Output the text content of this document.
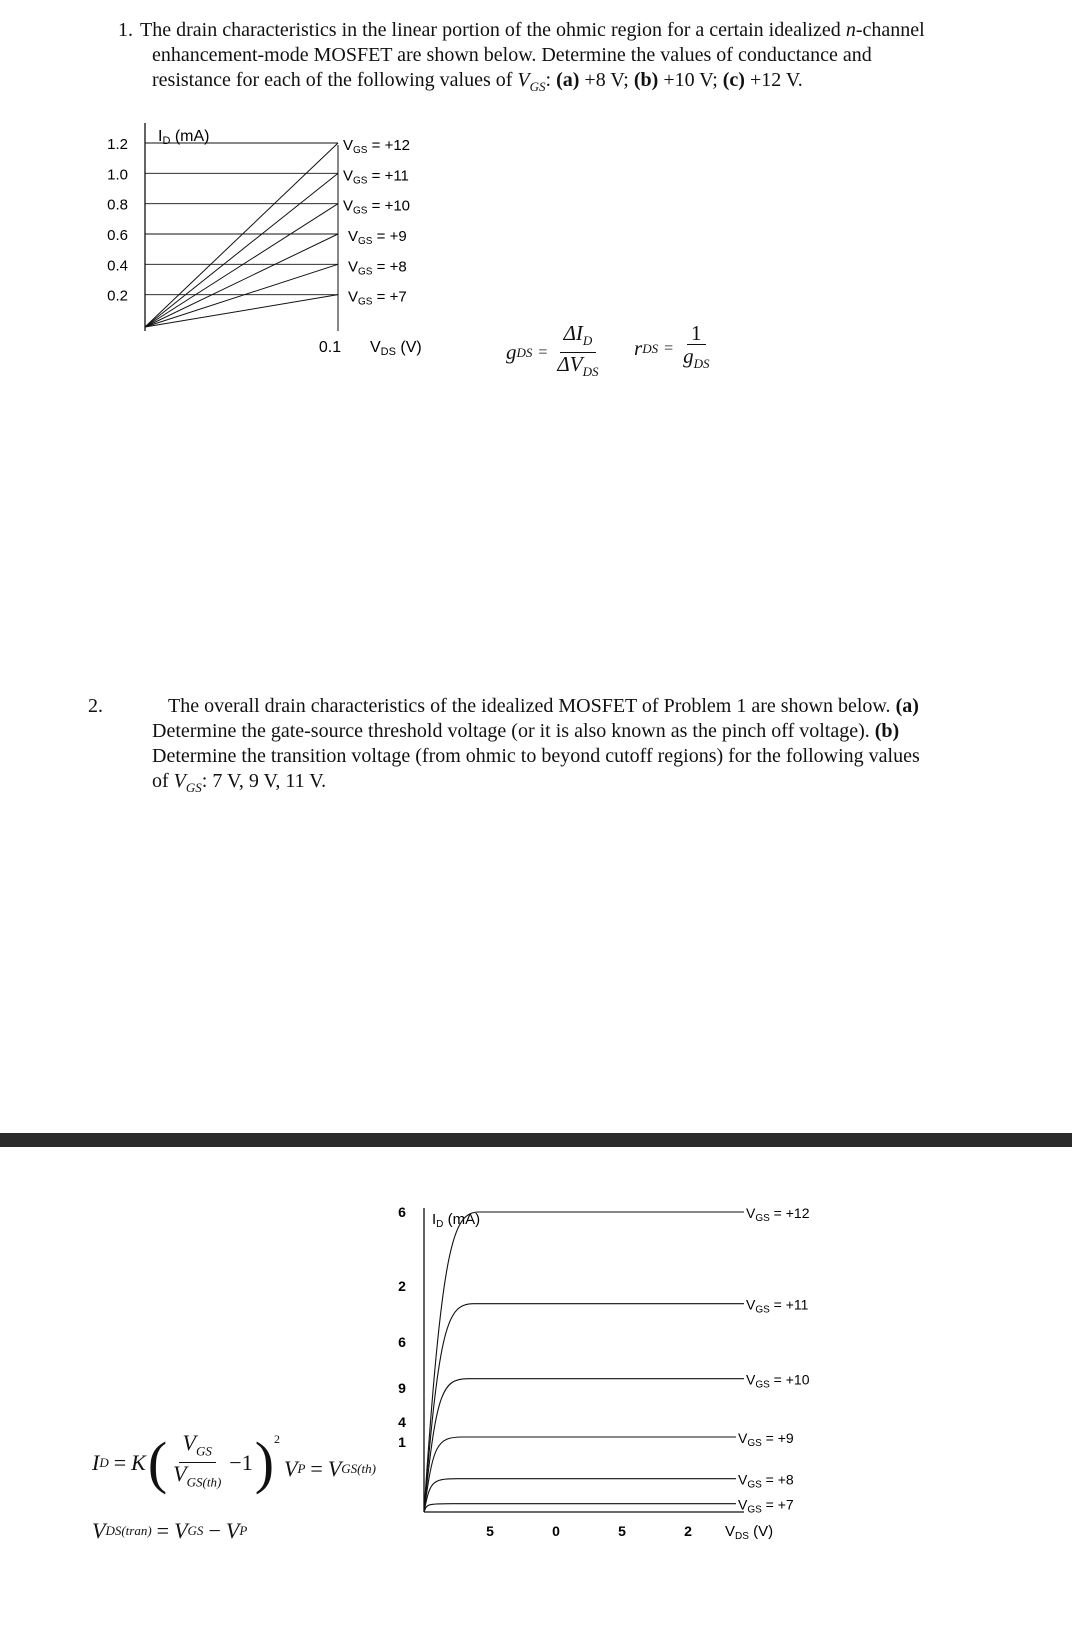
1. The drain characteristics in the linear portion of the ohmic region for a certain idealized n-channel
enhancement-mode MOSFET are shown below. Determine the values of conductance and
resistance for each of the following values of $V_{GS}$: (a) +8 V; (b) +10 V; (c) +12 V.
ID (mA)
1.2
1.0
0.8
0.6
0.4
0.2
$V_{GS} = +12$
$V_{GS} = +11$
$V_{GS} = +10$
$V_{GS} = +9$
$V_{GS} = +8$
$V_{GS} = +7$
0.1 VDS (V)	g DS = $\frac{\Delta I_D}{\Delta V_{DS}}$ r DS = $\frac{1}{g_{DS}}$
2.	The overall drain characteristics of the idealized MOSFET of Problem 1 are shown below. (a)
Determine the gate-source threshold voltage (or it is also known as the pinch off voltage). (b)
Determine the transition voltage (from ohmic to beyond cutoff regions) for the following values
of $V_{GS}$: 7 V, 9 V, 11 V.
$I_D$ (mA)
6
2
6
9
4
1
5	0	5	2
$V_{GS} = +12$
$V_{GS} = +11$
$V_{GS} = +10$
$V_{GS} = +9$
$V_{GS} = +8$
$V_{GS} = +7$
$V_{DS}$ (V)
I D = K ( $\frac{V_{GS}}{V_{GS(th)}} -1$ )$^2$
V P = V GS(th)
V DS(tran) = V GS − V P
